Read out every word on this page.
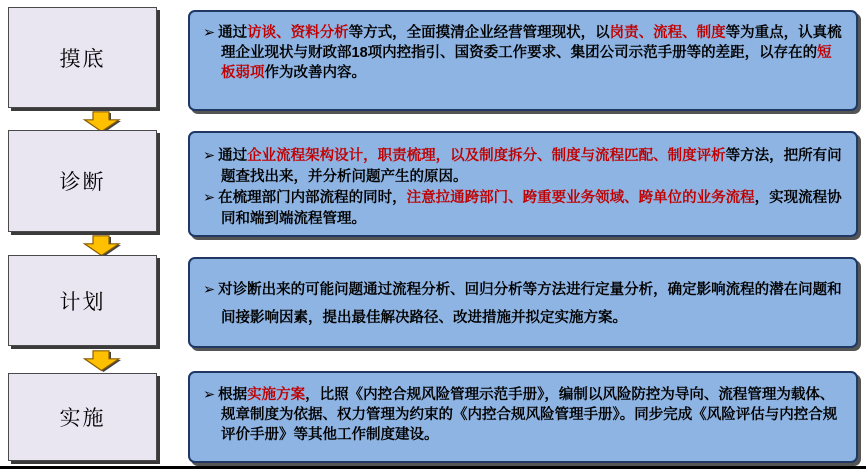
摸底
诊断
计划
实施
➢ 通过访谈、资料分析等方式，全面摸清企业经营管理现状，以岗责、流程、制度等为重点，认真梳理企业现状与财政部18项内控指引、国资委工作要求、集团公司示范手册等的差距，以存在的短板弱项作为改善内容。
➢ 通过企业流程架构设计，职责梳理，以及制度拆分、制度与流程匹配、制度评析等方法，把所有问题查找出来，并分析问题产生的原因。
➢ 在梳理部门内部流程的同时，注意拉通跨部门、跨重要业务领域、跨单位的业务流程，实现流程协同和端到端流程管理。
➢ 对诊断出来的可能问题通过流程分析、回归分析等方法进行定量分析，确定影响流程的潜在问题和间接影响因素，提出最佳解决路径、改进措施并拟定实施方案。
➢ 根据实施方案，比照《内控合规风险管理示范手册》，编制以风险防控为导向、流程管理为载体、规章制度为依据、权力管理为约束的《内控合规风险管理手册》。同步完成《风险评估与内控合规评价手册》等其他工作制度建设。
